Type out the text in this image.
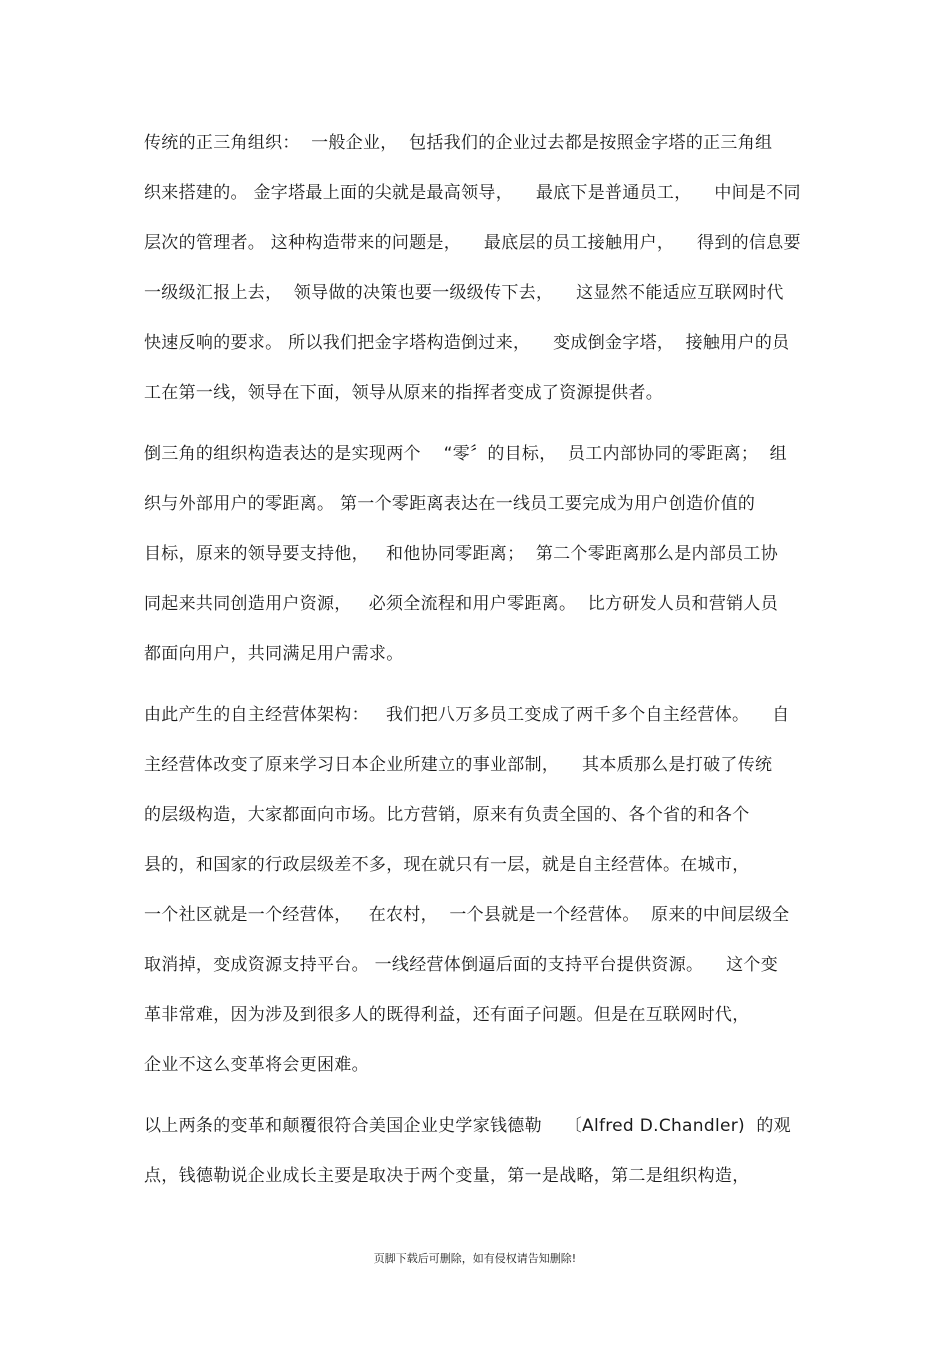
传统的正三角组织：  一般企业，  包括我们的企业过去都是按照金字塔的正三角组
织来搭建的。 金字塔最上面的尖就是最高领导，    最底下是普通员工，    中间是不同
层次的管理者。 这种构造带来的问题是，    最底层的员工接触用户，    得到的信息要
一级级汇报上去，  领导做的决策也要一级级传下去，    这显然不能适应互联网时代
快速反响的要求。 所以我们把金字塔构造倒过来，    变成倒金字塔，  接触用户的员
工在第一线，领导在下面，领导从原来的指挥者变成了资源提供者。
倒三角的组织构造表达的是实现两个    “零〞的目标，  员工内部协同的零距离；  组
织与外部用户的零距离。 第一个零距离表达在一线员工要完成为用户创造价值的
目标，原来的领导要支持他，   和他协同零距离；  第二个零距离那么是内部员工协
同起来共同创造用户资源，   必须全流程和用户零距离。  比方研发人员和营销人员
都面向用户，共同满足用户需求。
由此产生的自主经营体架构：   我们把八万多员工变成了两千多个自主经营体。    自
主经营体改变了原来学习日本企业所建立的事业部制，    其本质那么是打破了传统
的层级构造，大家都面向市场。比方营销，原来有负责全国的、各个省的和各个
县的，和国家的行政层级差不多，现在就只有一层，就是自主经营体。在城市，
一个社区就是一个经营体，   在农村，  一个县就是一个经营体。  原来的中间层级全
取消掉，变成资源支持平台。 一线经营体倒逼后面的支持平台提供资源。    这个变
革非常难，因为涉及到很多人的既得利益，还有面子问题。但是在互联网时代，
企业不这么变革将会更困难。
以上两条的变革和颠覆很符合美国企业史学家钱德勒    〔Alfred D.Chandler)  的观
点，钱德勒说企业成长主要是取决于两个变量，第一是战略，第二是组织构造，
页脚下载后可删除，如有侵权请告知删除!
